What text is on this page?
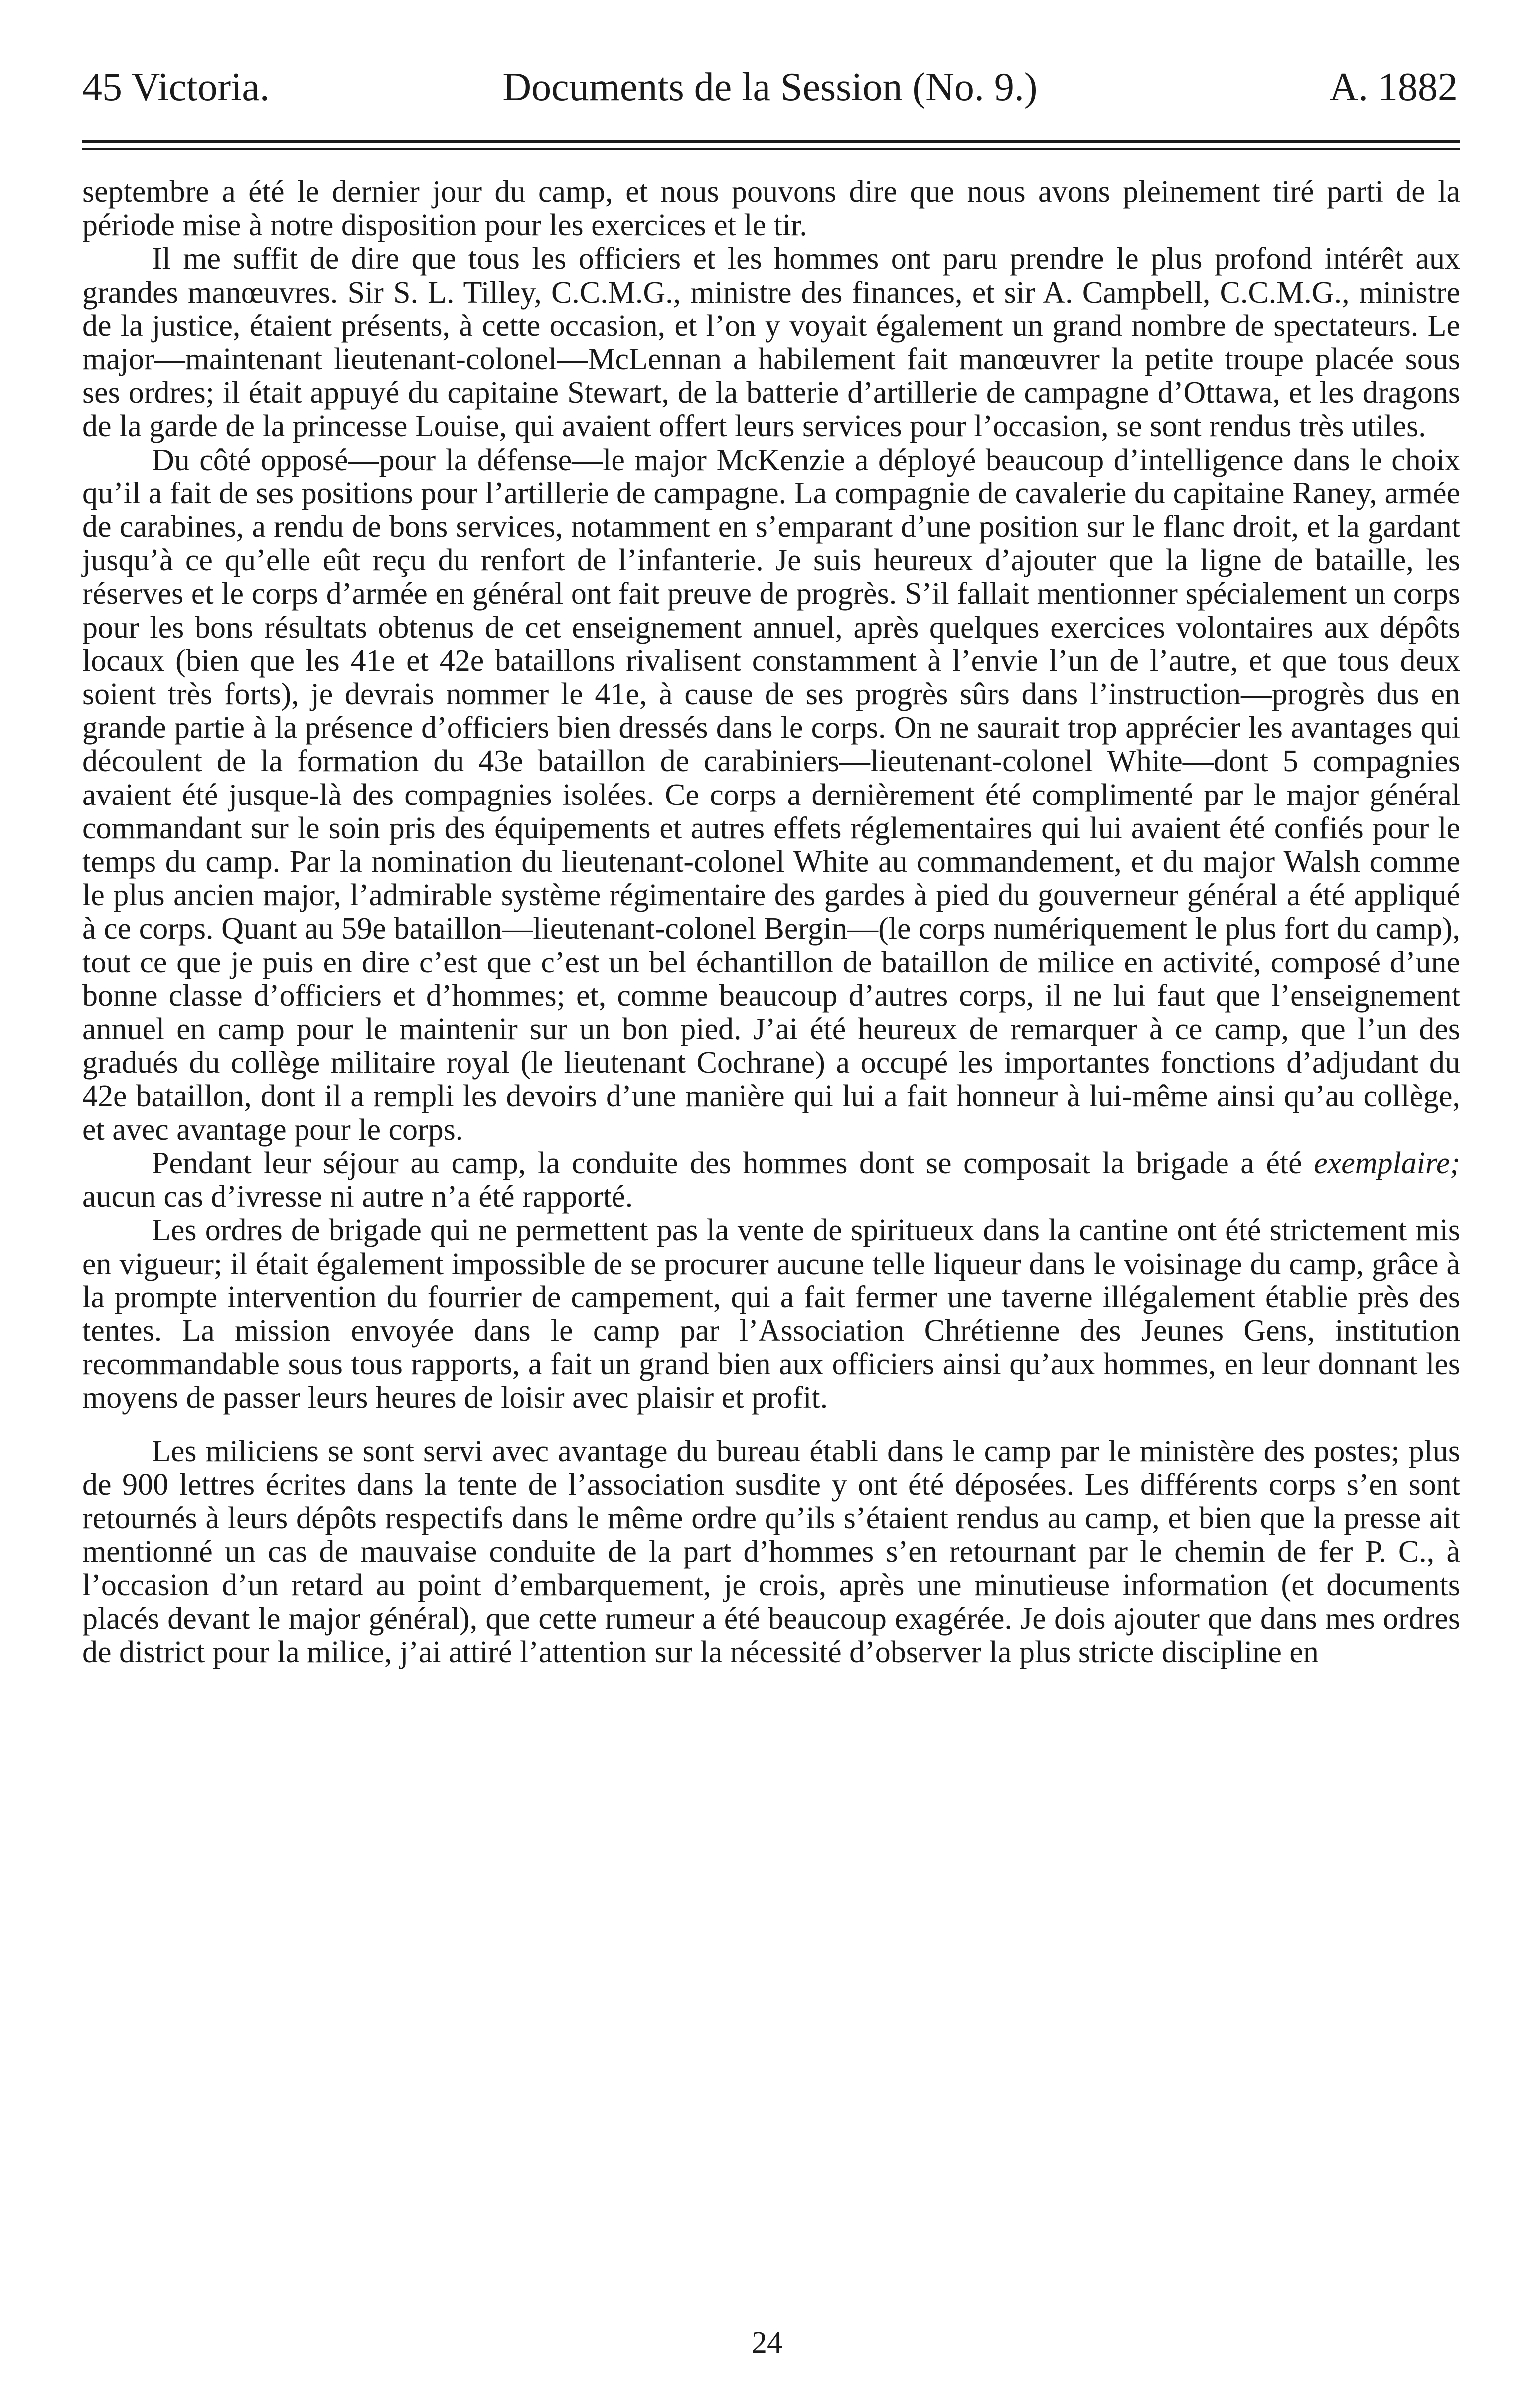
45 Victoria.	Documents de la Session (No. 9.)	A. 1882

septembre a été le dernier jour du camp, et nous pouvons dire que nous avons pleinement tiré parti de la période mise à notre disposition pour les exercices et le tir.

Il me suffit de dire que tous les officiers et les hommes ont paru prendre le plus profond intérêt aux grandes manœuvres. Sir S. L. Tilley, C.C.M.G., ministre des finances, et sir A. Campbell, C.C.M.G., ministre de la justice, étaient présents, à cette occasion, et l’on y voyait également un grand nombre de spectateurs. Le major—maintenant lieutenant-colonel—McLennan a habilement fait manœuvrer la petite troupe placée sous ses ordres; il était appuyé du capitaine Stewart, de la batterie d’artillerie de campagne d’Ottawa, et les dragons de la garde de la princesse Louise, qui avaient offert leurs services pour l’occasion, se sont rendus très utiles.

Du côté opposé—pour la défense—le major McKenzie a déployé beaucoup d’intelligence dans le choix qu’il a fait de ses positions pour l’artillerie de campagne. La compagnie de cavalerie du capitaine Raney, armée de carabines, a rendu de bons services, notamment en s’emparant d’une position sur le flanc droit, et la gardant jusqu’à ce qu’elle eût reçu du renfort de l’infanterie. Je suis heureux d’ajouter que la ligne de bataille, les réserves et le corps d’armée en général ont fait preuve de progrès. S’il fallait mentionner spécialement un corps pour les bons résultats obtenus de cet enseignement annuel, après quelques exercices volontaires aux dépôts locaux (bien que les 41e et 42e bataillons rivalisent constamment à l’envie l’un de l’autre, et que tous deux soient très forts), je devrais nommer le 41e, à cause de ses progrès sûrs dans l’instruction—progrès dus en grande partie à la présence d’officiers bien dressés dans le corps. On ne saurait trop apprécier les avantages qui découlent de la formation du 43e bataillon de carabiniers—lieutenant-colonel White—dont 5 compagnies avaient été jusque-là des compagnies isolées. Ce corps a dernièrement été complimenté par le major général commandant sur le soin pris des équipements et autres effets réglementaires qui lui avaient été confiés pour le temps du camp. Par la nomination du lieutenant-colonel White au commandement, et du major Walsh comme le plus ancien major, l’admirable système régimentaire des gardes à pied du gouverneur général a été appliqué à ce corps. Quant au 59e bataillon—lieutenant-colonel Bergin—(le corps numériquement le plus fort du camp), tout ce que je puis en dire c’est que c’est un bel échantillon de bataillon de milice en activité, composé d’une bonne classe d’officiers et d’hommes; et, comme beaucoup d’autres corps, il ne lui faut que l’enseignement annuel en camp pour le maintenir sur un bon pied. J’ai été heureux de remarquer à ce camp, que l’un des gradués du collège militaire royal (le lieutenant Cochrane) a occupé les importantes fonctions d’adjudant du 42e bataillon, dont il a rempli les devoirs d’une manière qui lui a fait honneur à lui-même ainsi qu’au collège, et avec avantage pour le corps.

Pendant leur séjour au camp, la conduite des hommes dont se composait la brigade a été exemplaire; aucun cas d’ivresse ni autre n’a été rapporté.

Les ordres de brigade qui ne permettent pas la vente de spiritueux dans la cantine ont été strictement mis en vigueur; il était également impossible de se procurer aucune telle liqueur dans le voisinage du camp, grâce à la prompte intervention du fourrier de campement, qui a fait fermer une taverne illégalement établie près des tentes. La mission envoyée dans le camp par l’Association Chrétienne des Jeunes Gens, institution recommandable sous tous rapports, a fait un grand bien aux officiers ainsi qu’aux hommes, en leur donnant les moyens de passer leurs heures de loisir avec plaisir et profit.

Les miliciens se sont servi avec avantage du bureau établi dans le camp par le ministère des postes; plus de 900 lettres écrites dans la tente de l’association susdite y ont été déposées. Les différents corps s’en sont retournés à leurs dépôts respectifs dans le même ordre qu’ils s’étaient rendus au camp, et bien que la presse ait mentionné un cas de mauvaise conduite de la part d’hommes s’en retournant par le chemin de fer P. C., à l’occasion d’un retard au point d’embarquement, je crois, après une minutieuse information (et documents placés devant le major général), que cette rumeur a été beaucoup exagérée. Je dois ajouter que dans mes ordres de district pour la milice, j’ai attiré l’attention sur la nécessité d’observer la plus stricte discipline en

24
